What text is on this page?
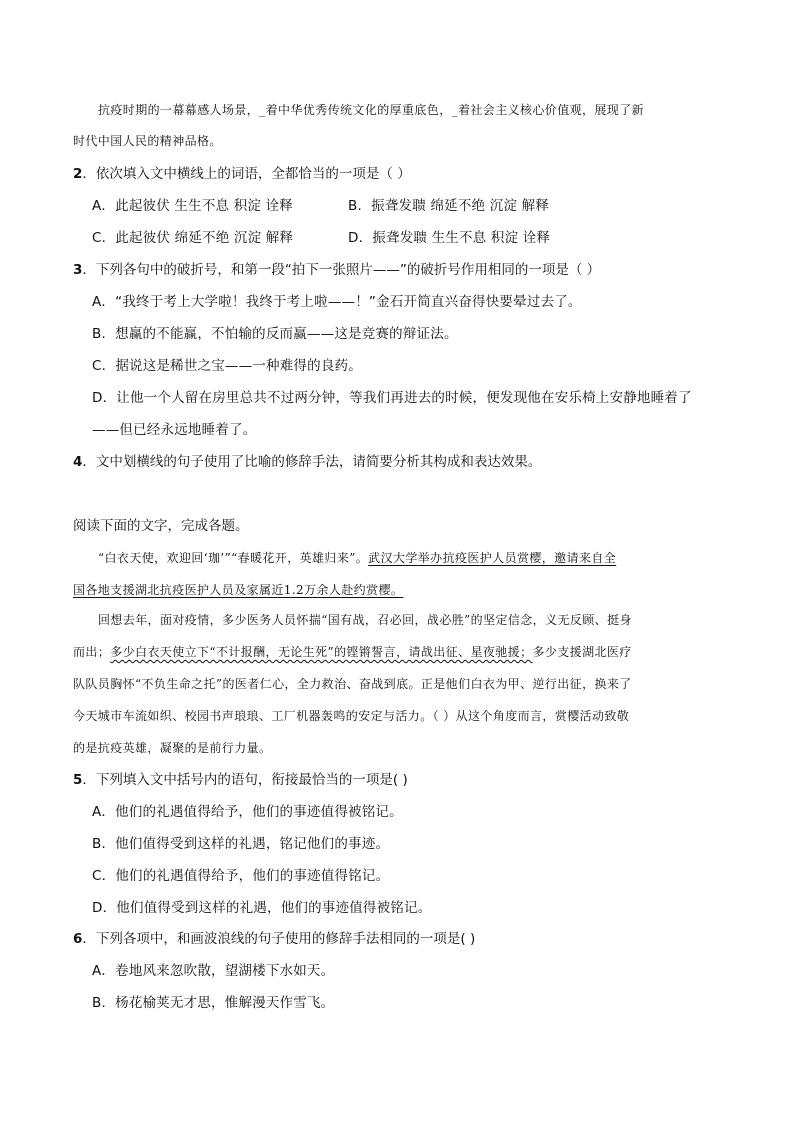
抗疫时期的一幕幕感人场景，_着中华优秀传统文化的厚重底色，_着社会主义核心价值观，展现了新
时代中国人民的精神品格。
2．依次填入文中横线上的词语，全都恰当的一项是（ ）
A．此起彼伏 生生不息 积淀 诠释	B．振聋发聩 绵延不绝 沉淀 解释
C．此起彼伏 绵延不绝 沉淀 解释	D．振聋发聩 生生不息 积淀 诠释
3．下列各句中的破折号，和第一段“拍下一张照片——”的破折号作用相同的一项是（ ）
A．“我终于考上大学啦！我终于考上啦——！”金石开简直兴奋得快要晕过去了。
B．想赢的不能赢，不怕输的反而赢——这是竞赛的辩证法。
C．据说这是稀世之宝——一种难得的良药。
D．让他一个人留在房里总共不过两分钟，等我们再进去的时候，便发现他在安乐椅上安静地睡着了
——但已经永远地睡着了。
4．文中划横线的句子使用了比喻的修辞手法，请简要分析其构成和表达效果。
阅读下面的文字，完成各题。
“白衣天使，欢迎回‘珈’”“春暖花开，英雄归来”。武汉大学举办抗疫医护人员赏樱，邀请来自全
国各地支援湖北抗疫医护人员及家属近1.2万余人赴约赏樱。
回想去年，面对疫情，多少医务人员怀揣“国有战，召必回，战必胜”的坚定信念，义无反顾、挺身
而出；多少白衣天使立下“不计报酬，无论生死”的铿锵誓言，请战出征、星夜驰援；多少支援湖北医疗
队队员胸怀“不负生命之托”的医者仁心，全力救治、奋战到底。正是他们白衣为甲、逆行出征，换来了
今天城市车流如织、校园书声琅琅、工厂机器轰鸣的安定与活力。（ ）从这个角度而言，赏樱活动致敬
的是抗疫英雄，凝聚的是前行力量。
5．下列填入文中括号内的语句，衔接最恰当的一项是( )
A．他们的礼遇值得给予，他们的事迹值得被铭记。
B．他们值得受到这样的礼遇，铭记他们的事迹。
C．他们的礼遇值得给予，他们的事迹值得铭记。
D．他们值得受到这样的礼遇，他们的事迹值得被铭记。
6．下列各项中，和画波浪线的句子使用的修辞手法相同的一项是( )
A．卷地风来忽吹散，望湖楼下水如天。
B．杨花榆荚无才思，惟解漫天作雪飞。
